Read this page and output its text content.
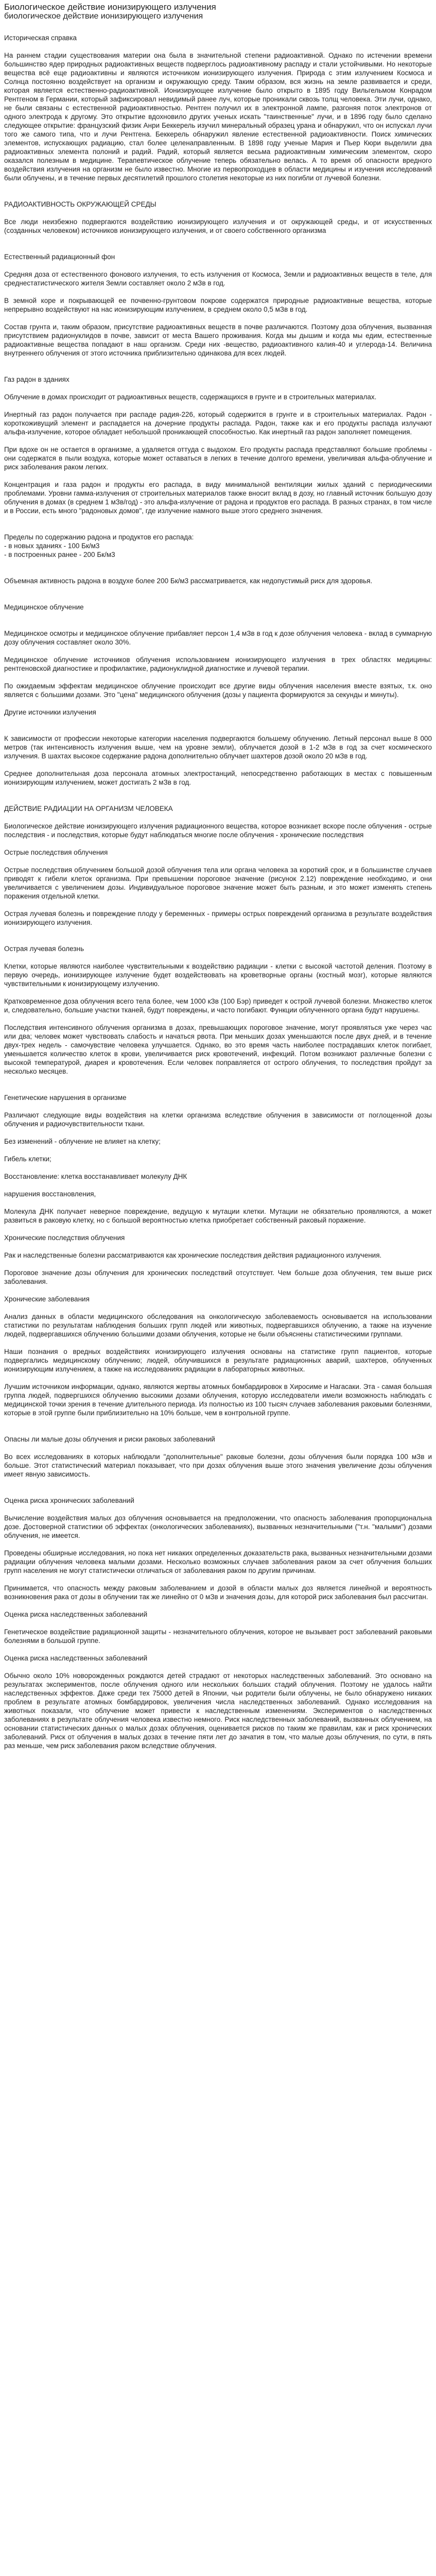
Биологическое действие ионизирующего излучения
биологическое действие ионизирующего излучения

Историческая справка

На раннем стадии существования материи она была в значительной степени радиоактивной. Однако по истечении времени большинство ядер природных радиоактивных веществ подверглось радиоактивному распаду и стали устойчивыми. Но некоторые вещества всё еще радиоактивны и являются источником ионизирующего излучения. Природа с этим излучением Космоса и Солнца постоянно воздействует на организм и окружающую среду. Таким образом, вся жизнь на земле развивается и среди, которая является естественно-радиоактивной. Ионизирующее излучение было открыто в 1895 году Вильгельмом Конрадом Рентгеном в Германии, который зафиксировал невидимый ранее луч, которые проникали сквозь толщ человека. Эти лучи, однако, не были связаны с естественной радиоактивностью. Рентген получил их в электронной лампе, разгоняя поток электронов от одного электрода к другому. Это открытие вдохновило других ученых искать "таинственные" лучи, и в 1896 году было сделано следующее открытие: французский физик Анри Беккерель изучил минеральный образец урана и обнаружил, что он испускал лучи того же самого типа, что и лучи Рентгена. Беккерель обнаружил явление естественной радиоактивности. Поиск химических элементов, испускающих радиацию, стал более целенаправленным. В 1898 году ученые Мария и Пьер Кюри выделили два радиоактивных элемента полоний и радий. Радий, который является весьма радиоактивным химическим элементом, скоро оказался полезным в медицине. Терапевтическое облучение теперь обязательно велась. А то время об опасности вредного воздействия излучения на организм не было известно. Многие из первопроходцев в области медицины и изучения исследований были облучены, и в течение первых десятилетий прошлого столетия некоторые из них погибли от лучевой болезни.

РАДИОАКТИВНОСТЬ ОКРУЖАЮЩЕЙ СРЕДЫ

Все люди неизбежно подвергаются воздействию ионизирующего излучения и от окружающей среды, и от искусственных (созданных человеком) источников ионизирующего излучения, и от своего собственного организма

Естественный радиационный фон

Средняя доза от естественного фонового излучения, то есть излучения от Космоса, Земли и радиоактивных веществ в теле, для среднестатистического жителя Земли составляет около 2 мЗв в год.

В земной коре и покрывающей ее почвенно-грунтовом покрове содержатся природные радиоактивные вещества, которые непрерывно воздействуют на нас ионизирующим излучением, в среднем около 0,5 мЗв в год.

Состав грунта и, таким образом, присутствие радиоактивных веществ в почве различаются. Поэтому доза облучения, вызванная присутствием радионуклидов в почве, зависит от места Вашего проживания. Когда мы дышим и когда мы едим, естественные радиоактивные вещества попадают в наш организм. Среди них -вещество, радиоактивного калия-40 и углерода-14. Величина внутреннего облучения от этого источника приблизительно одинакова для всех людей.

Газ радон в зданиях

Облучение в домах происходит от радиоактивных веществ, содержащихся в грунте и в строительных материалах.

Инертный газ радон получается при распаде радия-226, который содержится в грунте и в строительных материалах. Радон - короткоживущий элемент и распадается на дочерние продукты распада. Радон, также как и его продукты распада излучают альфа-излучение, которое обладает небольшой проникающей способностью. Как инертный газ радон заполняет помещения.

При вдохе он не остается в организме, а удаляется оттуда с выдохом. Его продукты распада представляют большие проблемы - они содержатся в пыли воздуха, которые может оставаться в легких в течение долгого времени, увеличивая альфа-облучение и риск заболевания раком легких.

Концентрация и газа радон и продукты его распада, в виду минимальной вентиляции жилых зданий с периодическими проблемами. Уровни гамма-излучения от строительных материалов также вносит вклад в дозу, но главный источник большую дозу облучения в домах (в среднем 1 мЗв/год) - это альфа-излучение от радона и продуктов его распада. В разных странах, в том числе и в России, есть много "радоновых домов", где излучение намного выше этого среднего значения.

Пределы по содержанию радона и продуктов его распада:

- в новых зданиях - 100 Бк/м3

- в построенных ранее - 200 Бк/м3

Объемная активность радона в воздухе более 200 Бк/м3 рассматривается, как недопустимый риск для здоровья.

Медицинское облучение

Медицинское осмотры и медицинское облучение прибавляет персон 1,4 мЗв в год к дозе облучения человека - вклад в суммарную дозу облучения составляет около 30%.

Медицинское облучение источников облучения использованием ионизирующего излучения в трех областях медицины: рентгеновской диагностике и профилактике, радионуклидной диагностике и лучевой терапии.

По ожидаемым эффектам медицинское облучение происходит все другие виды облучения населения вместе взятых, т.к. оно является с большими дозами. Это "цена" медицинского облучения (дозы у пациента формируются за секунды и минуты).

Другие источники излучения

К зависимости от профессии некоторые категории населения подвергаются большему облучению. Летный персонал выше 8 000 метров (так интенсивность излучения выше, чем на уровне земли), облучается дозой в 1-2 мЗв в год за счет космического излучения. В шахтах высокое содержание радона дополнительно облучает шахтеров дозой около 20 мЗв в год.

Среднее дополнительная доза персонала атомных электростанций, непосредственно работающих в местах с повышенным ионизирующим излучением, может достигать 2 мЗв в год.

ДЕЙСТВИЕ РАДИАЦИИ НА ОРГАНИЗМ ЧЕЛОВЕКА

Биологическое действие ионизирующего излучения радиационного вещества, которое возникает вскоре после облучения - острые последствия - и последствия, которые будут наблюдаться многие после облучения - хронические последствия

Острые последствия облучения

Острые последствия облучением большой дозой облучения тела или органа человека за короткий срок, и в большинстве случаев приводят к гибели клеток организма. При превышении пороговое значение (рисунок 2.12) повреждение необходимо, и они увеличивается с увеличением дозы. Индивидуальное пороговое значение может быть разным, и это может изменять степень поражения отдельной клетки.

Острая лучевая болезнь и повреждение плоду у беременных - примеры острых повреждений организма в результате воздействия ионизирующего излучения.

Острая лучевая болезнь

Клетки, которые являются наиболее чувствительными к воздействию радиации - клетки с высокой частотой деления. Поэтому в первую очередь, ионизирующее излучение будет воздействовать на кроветворные органы (костный мозг), которые являются чувствительными к ионизирующему излучению.

Кратковременное доза облучения всего тела более, чем 1000 кЗв (100 Бэр) приведет к острой лучевой болезни. Множество клеток и, следовательно, большие участки тканей, будут повреждены, и часто погибают. Функции облученного органа будут нарушены.

Последствия интенсивного облучения организма в дозах, превышающих пороговое значение, могут проявляться уже через час или два; человек может чувствовать слабость и начаться рвота. При меньших дозах уменьшаются после двух дней, и в течение двух-трех недель - самочувствие человека улучшается. Однако, во это время часть наиболее пострадавших клеток погибает, уменьшается количество клеток в крови, увеличивается риск кровотечений, инфекций. Потом возникают различные болезни с высокой температурой, диарея и кровотечения. Если человек поправляется от острого облучения, то последствия пройдут за несколько месяцев.

Генетические нарушения в организме

Различают следующие виды воздействия на клетки организма вследствие облучения в зависимости от поглощенной дозы облучения и радиочувствительности ткани.

Без изменений - облучение не влияет на клетку;

Гибель клетки;

Восстановление: клетка восстанавливает молекулу ДНК

нарушения восстановления,

Молекула ДНК получает неверное повреждение, ведущую к мутации клетки. Мутации не обязательно проявляются, а может развиться в раковую клетку, но с большой вероятностью клетка приобретает собственный раковый поражение.

Хронические последствия облучения

Рак и наследственные болезни рассматриваются как хронические последствия действия радиационного излучения.

Пороговое значение дозы облучения для хронических последствий отсутствует. Чем больше доза облучения, тем выше риск заболевания.

Хронические заболевания

Анализ данных в области медицинского обследования на онкологическую заболеваемость основывается на использовании статистики по результатам наблюдения больших групп людей или животных, подвергавшихся облучению, а также на изучение людей, подвергавшихся облучению большими дозами облучения, которые не были объяснены статистическими группами.

Наши познания о вредных воздействиях ионизирующего излучения основаны на статистике групп пациентов, которые подвергались медицинскому облучению; людей, облучившихся в результате радиационных аварий, шахтеров, облученных ионизирующим излучением, а также на исследованиях радиации в лабораторных животных.

Лучшим источником информации, однако, являются жертвы атомных бомбардировок в Хиросиме и Нагасаки. Эта - самая большая группа людей, подвергшихся облучению высокими дозами облучения, которую исследователи имели возможность наблюдать с медицинской точки зрения в течение длительного периода. Из полностью из 100 тысяч случаев заболевания раковыми болезнями, которые в этой группе были приблизительно на 10% больше, чем в контрольной группе.

Опасны ли малые дозы облучения и риски раковых заболеваний

Во всех исследованиях в которых наблюдали "дополнительные" раковые болезни, дозы облучения были порядка 100 мЗв и больше. Этот статистический материал показывает, что при дозах облучения выше этого значения увеличение дозы облучения имеет явную зависимость.

Оценка риска хронических заболеваний

Вычисление воздействия малых доз облучения основывается на предположении, что опасность заболевания пропорциональна дозе. Достоверной статистики об эффектах (онкологических заболеваниях), вызванных незначительными ("т.н. "малыми") дозами облучения, не имеется.

Проведены обширные исследования, но пока нет никаких определенных доказательств рака, вызванных незначительными дозами радиации облучения человека малыми дозами. Несколько возможных случаев заболевания раком за счет облучения больших групп населения не могут статистически отличаться от заболевания раком по другим причинам.

Принимается, что опасность между раковым заболеванием и дозой в области малых доз является линейной и вероятность возникновения рака от дозы в облучении так же линейно от 0 мЗв и значения дозы, для которой риск заболевания был рассчитан.

Оценка риска наследственных заболеваний

Генетическое воздействие радиационной защиты - незначительного облучения, которое не вызывает рост заболеваний раковыми болезнями в большой группе.

Оценка риска наследственных заболеваний

Обычно около 10% новорожденных рождаются детей страдают от некоторых наследственных заболеваний. Это основано на результатах экспериментов, после облучения одного или нескольких больших стадий облучения. Поэтому не удалось найти наследственных эффектов. Даже среди тех 75000 детей в Японии, чьи родители были облучены, не было обнаружено никаких проблем в результате атомных бомбардировок, увеличения числа наследственных заболеваний. Однако исследования на животных показали, что облучение может привести к наследственным изменениям. Экспериментов о наследственных заболеваниях в результате облучения человека известно немного. Риск наследственных заболеваний, вызванных облучением, на основании статистических данных о малых дозах облучения, оценивается рисков по таким же правилам, как и риск хронических заболеваний. Риск от облучения в малых дозах в течение пяти лет до зачатия в том, что малые дозы облучения, по сути, в пять раз меньше, чем риск заболевания раком вследствие облучения.
